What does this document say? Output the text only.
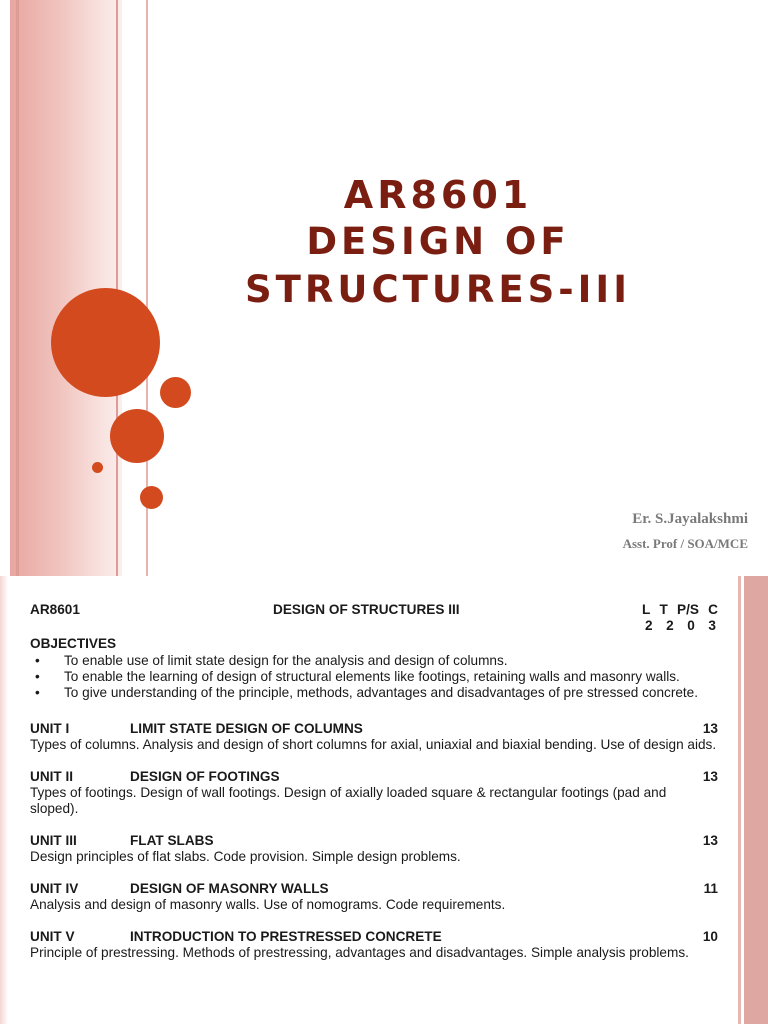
AR8601
DESIGN OF STRUCTURES-III
Er. S.Jayalakshmi
Asst. Prof / SOA/MCE
AR8601	DESIGN OF STRUCTURES III	L T P/S C
2 2 0 3
OBJECTIVES
• To enable use of limit state design for the analysis and design of columns.
• To enable the learning of design of structural elements like footings, retaining walls and masonry walls.
• To give understanding of the principle, methods, advantages and disadvantages of pre stressed concrete.
UNIT I	LIMIT STATE DESIGN OF COLUMNS	13
Types of columns. Analysis and design of short columns for axial, uniaxial and biaxial bending. Use of design aids.
UNIT II	DESIGN OF FOOTINGS	13
Types of footings. Design of wall footings. Design of axially loaded square & rectangular footings (pad and sloped).
UNIT III	FLAT SLABS	13
Design principles of flat slabs. Code provision. Simple design problems.
UNIT IV	DESIGN OF MASONRY WALLS	11
Analysis and design of masonry walls. Use of nomograms. Code requirements.
UNIT V	INTRODUCTION TO PRESTRESSED CONCRETE	10
Principle of prestressing. Methods of prestressing, advantages and disadvantages. Simple analysis problems.
